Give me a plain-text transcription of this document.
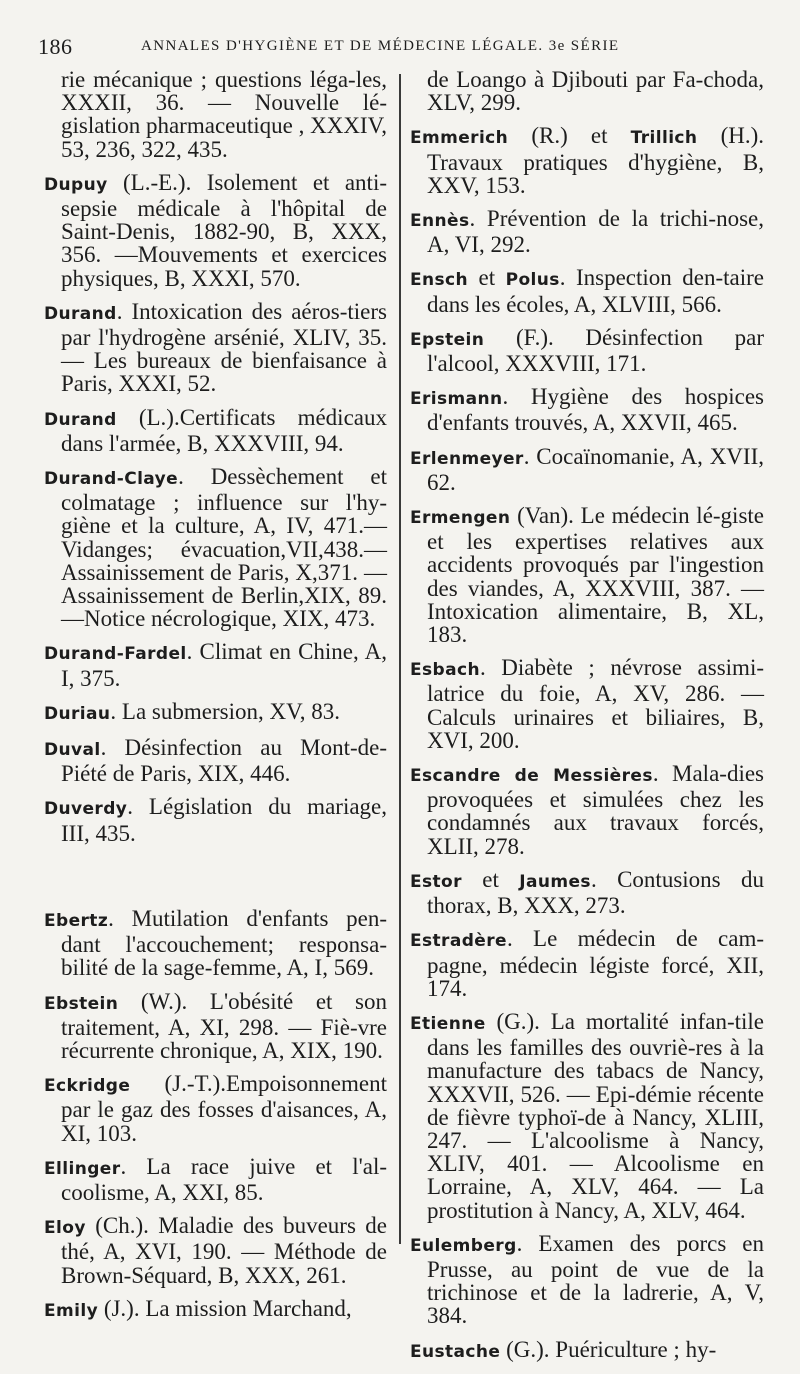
186	ANNALES D'HYGIÈNE ET DE MÉDECINE LÉGALE. 3e SÉRIE

rie mécanique ; questions léga-les, XXXII, 36. — Nouvelle lé-gislation pharmaceutique , XXXIV, 53, 236, 322, 435.

Dupuy (L.-E.). Isolement et anti-sepsie médicale à l'hôpital de Saint-Denis, 1882-90, B, XXX, 356. —Mouvements et exercices physiques, B, XXXI, 570.

Durand. Intoxication des aéros-tiers par l'hydrogène arsénié, XLIV, 35. — Les bureaux de bienfaisance à Paris, XXXI, 52.

Durand (L.).Certificats médicaux dans l'armée, B, XXXVIII, 94.

Durand-Claye. Dessèchement et colmatage ; influence sur l'hy-giène et la culture, A, IV, 471.— Vidanges; évacuation,VII,438.— Assainissement de Paris, X,371. —Assainissement de Berlin,XIX, 89. —Notice nécrologique, XIX, 473.

Durand-Fardel. Climat en Chine, A, I, 375.

Duriau. La submersion, XV, 83.

Duval. Désinfection au Mont-de-Piété de Paris, XIX, 446.

Duverdy. Législation du mariage, III, 435.

Ebertz. Mutilation d'enfants pen-dant l'accouchement; responsa-bilité de la sage-femme, A, I, 569.

Ebstein (W.). L'obésité et son traitement, A, XI, 298. — Fiè-vre récurrente chronique, A, XIX, 190.

Eckridge (J.-T.).Empoisonnement par le gaz des fosses d'aisances, A, XI, 103.

Ellinger. La race juive et l'al-coolisme, A, XXI, 85.

Eloy (Ch.). Maladie des buveurs de thé, A, XVI, 190. — Méthode de Brown-Séquard, B, XXX, 261.

Emily (J.). La mission Marchand,

de Loango à Djibouti par Fa-choda, XLV, 299.

Emmerich (R.) et Trillich (H.). Travaux pratiques d'hygiène, B, XXV, 153.

Ennès. Prévention de la trichi-nose, A, VI, 292.

Ensch et Polus. Inspection den-taire dans les écoles, A, XLVIII, 566.

Epstein (F.). Désinfection par l'alcool, XXXVIII, 171.

Erismann. Hygiène des hospices d'enfants trouvés, A, XXVII, 465.

Erlenmeyer. Cocaïnomanie, A, XVII, 62.

Ermengen (Van). Le médecin lé-giste et les expertises relatives aux accidents provoqués par l'ingestion des viandes, A, XXXVIII, 387. — Intoxication alimentaire, B, XL, 183.

Esbach. Diabète ; névrose assimi-latrice du foie, A, XV, 286. — Calculs urinaires et biliaires, B, XVI, 200.

Escandre de Messières. Mala-dies provoquées et simulées chez les condamnés aux travaux forcés, XLII, 278.

Estor et Jaumes. Contusions du thorax, B, XXX, 273.

Estradère. Le médecin de cam-pagne, médecin légiste forcé, XII, 174.

Etienne (G.). La mortalité infan-tile dans les familles des ouvriè-res à la manufacture des tabacs de Nancy, XXXVII, 526. — Epi-démie récente de fièvre typhoï-de à Nancy, XLIII, 247. — L'alcoolisme à Nancy, XLIV, 401. — Alcoolisme en Lorraine, A, XLV, 464. — La prostitution à Nancy, A, XLV, 464.

Eulemberg. Examen des porcs en Prusse, au point de vue de la trichinose et de la ladrerie, A, V, 384.

Eustache (G.). Puériculture ; hy-
